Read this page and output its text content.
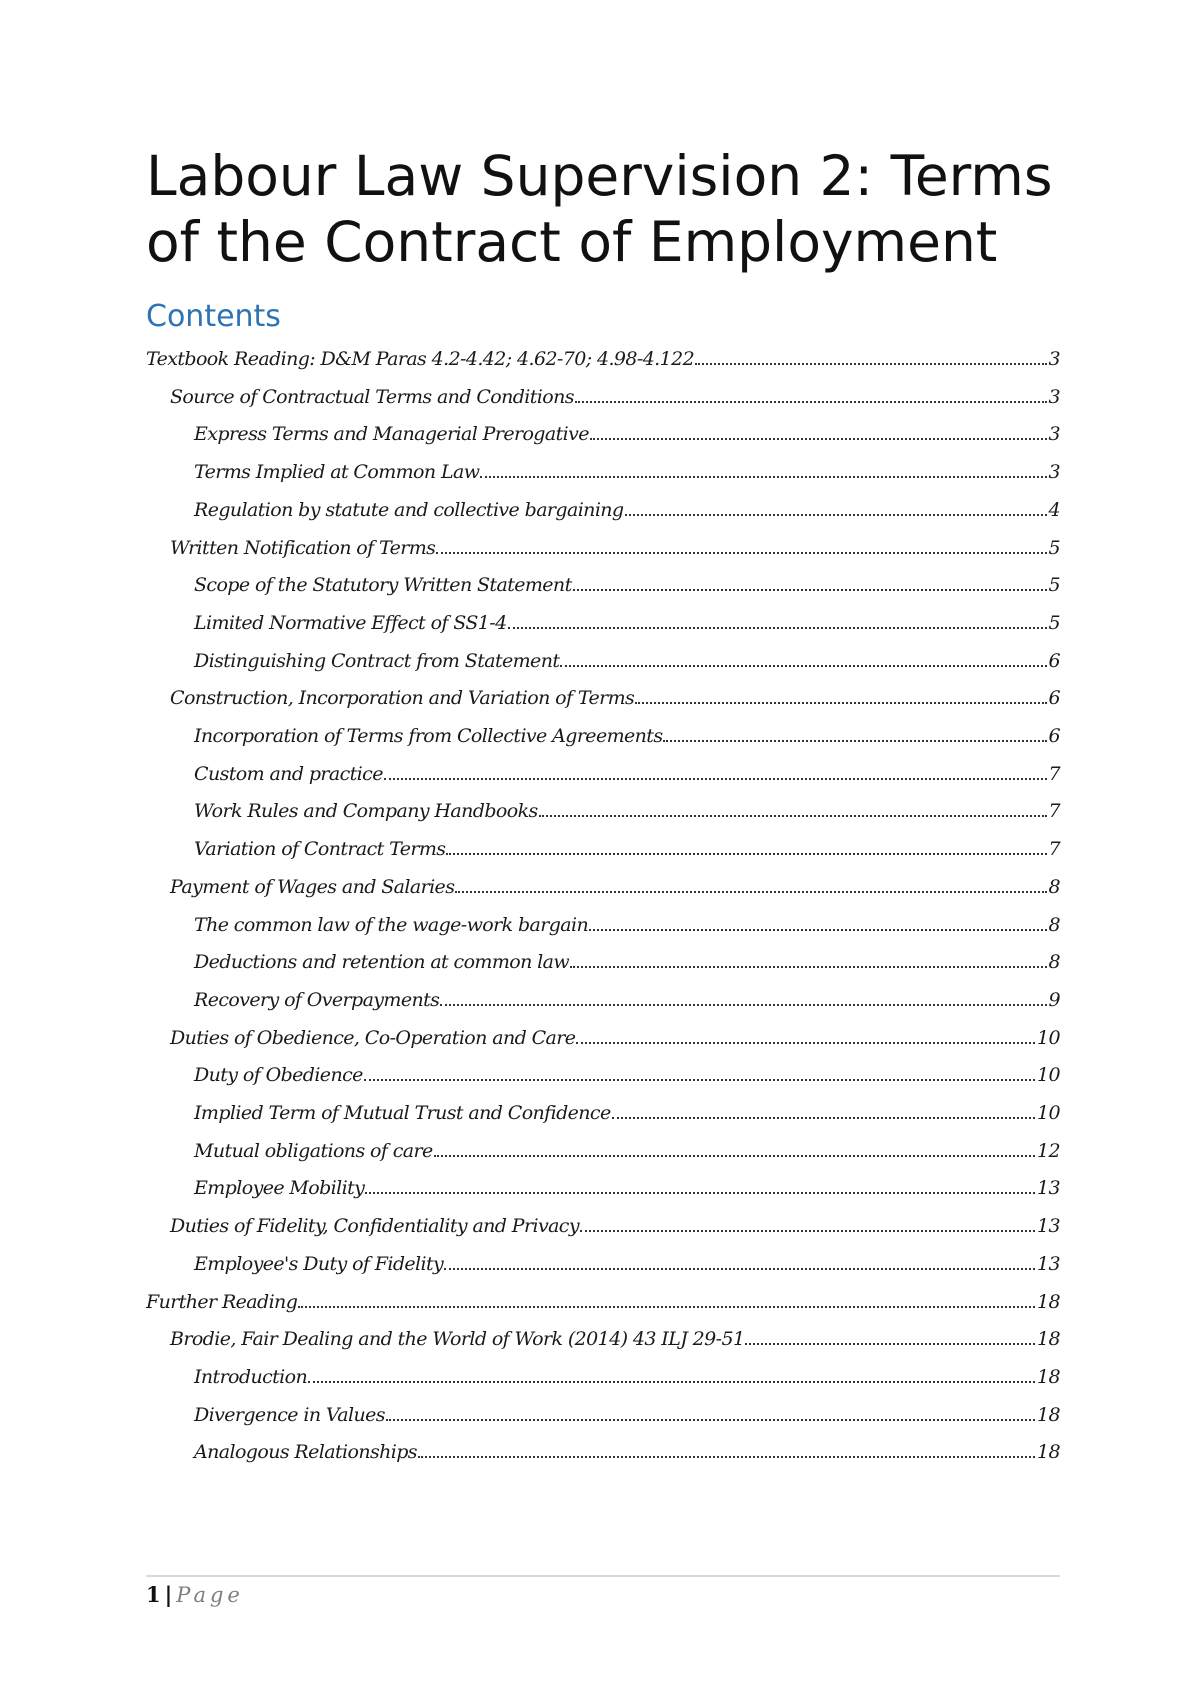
Labour Law Supervision 2: Terms of the Contract of Employment
Contents
Textbook Reading: D&M Paras 4.2-4.42; 4.62-70; 4.98-4.122	3
Source of Contractual Terms and Conditions	3
Express Terms and Managerial Prerogative	3
Terms Implied at Common Law	3
Regulation by statute and collective bargaining	4
Written Notification of Terms	5
Scope of the Statutory Written Statement	5
Limited Normative Effect of SS1-4	5
Distinguishing Contract from Statement	6
Construction, Incorporation and Variation of Terms	6
Incorporation of Terms from Collective Agreements	6
Custom and practice	7
Work Rules and Company Handbooks	7
Variation of Contract Terms	7
Payment of Wages and Salaries	8
The common law of the wage-work bargain	8
Deductions and retention at common law	8
Recovery of Overpayments	9
Duties of Obedience, Co-Operation and Care	10
Duty of Obedience	10
Implied Term of Mutual Trust and Confidence	10
Mutual obligations of care	12
Employee Mobility	13
Duties of Fidelity, Confidentiality and Privacy	13
Employee's Duty of Fidelity	13
Further Reading	18
Brodie, Fair Dealing and the World of Work (2014) 43 ILJ 29-51	18
Introduction	18
Divergence in Values	18
Analogous Relationships	18
1 | Page
